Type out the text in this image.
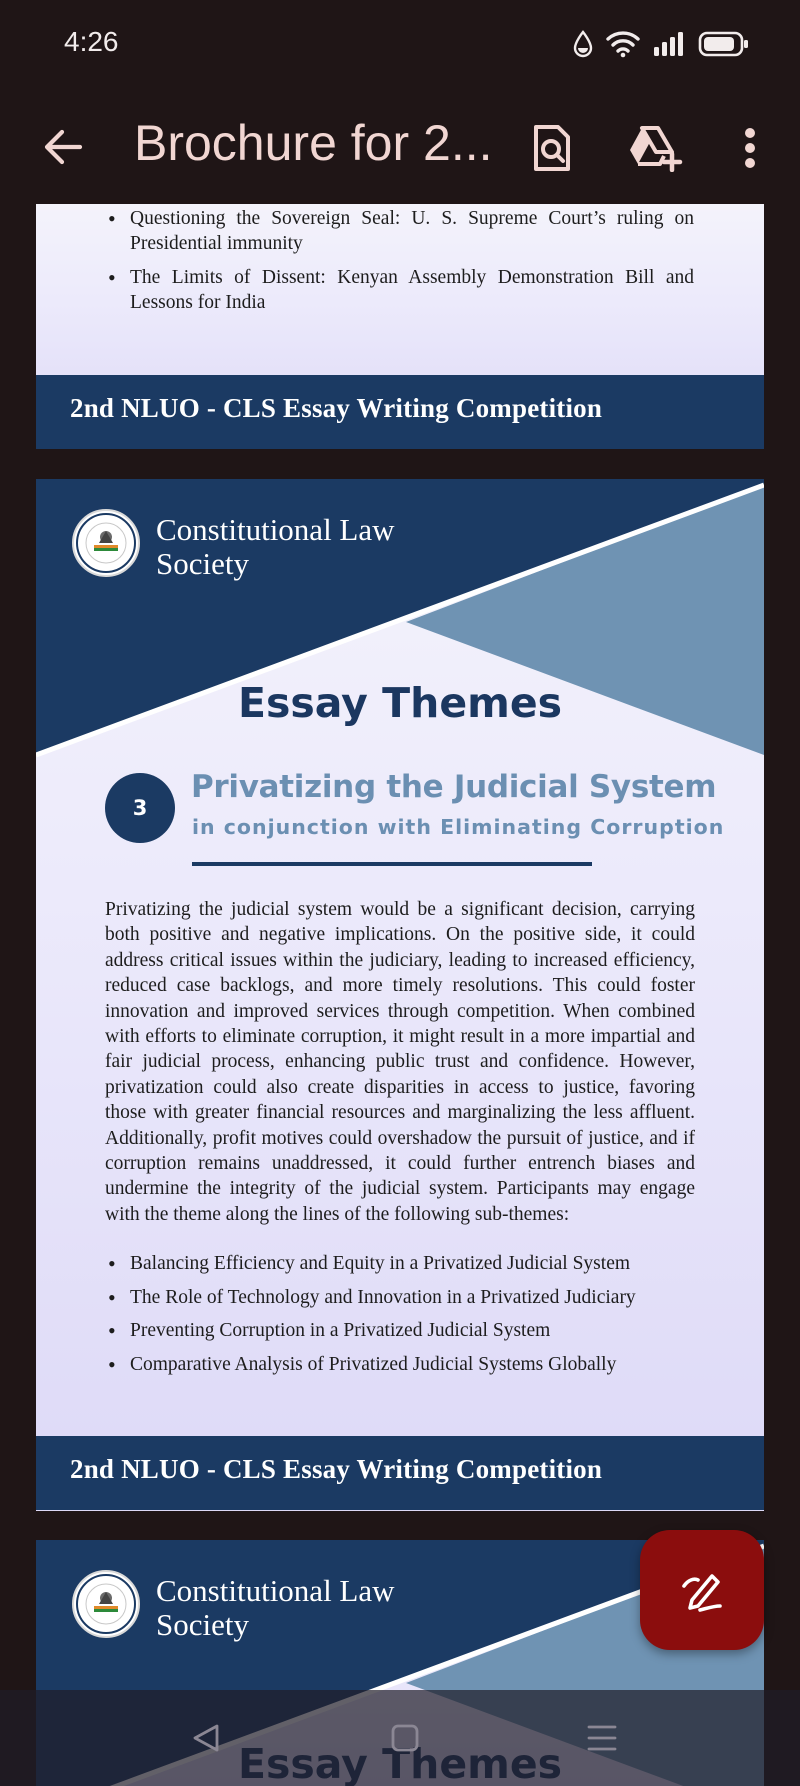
4:26
Brochure for 2...
• Questioning the Sovereign Seal: U. S. Supreme Court’s ruling on Presidential immunity
• The Limits of Dissent: Kenyan Assembly Demonstration Bill and Lessons for India
2nd NLUO - CLS Essay Writing Competition
Constitutional Law
Society
Essay Themes
3
Privatizing the Judicial System
in conjunction with Eliminating Corruption
Privatizing the judicial system would be a significant decision, carrying both positive and negative implications. On the positive side, it could address critical issues within the judiciary, leading to increased efficiency, reduced case backlogs, and more timely resolutions. This could foster innovation and improved services through competition. When combined with efforts to eliminate corruption, it might result in a more impartial and fair judicial process, enhancing public trust and confidence. However, privatization could also create disparities in access to justice, favoring those with greater financial resources and marginalizing the less affluent. Additionally, profit motives could overshadow the pursuit of justice, and if corruption remains unaddressed, it could further entrench biases and undermine the integrity of the judicial system. Participants may engage with the theme along the lines of the following sub-themes:
• Balancing Efficiency and Equity in a Privatized Judicial System
• The Role of Technology and Innovation in a Privatized Judiciary
• Preventing Corruption in a Privatized Judicial System
• Comparative Analysis of Privatized Judicial Systems Globally
2nd NLUO - CLS Essay Writing Competition
Constitutional Law
Society
